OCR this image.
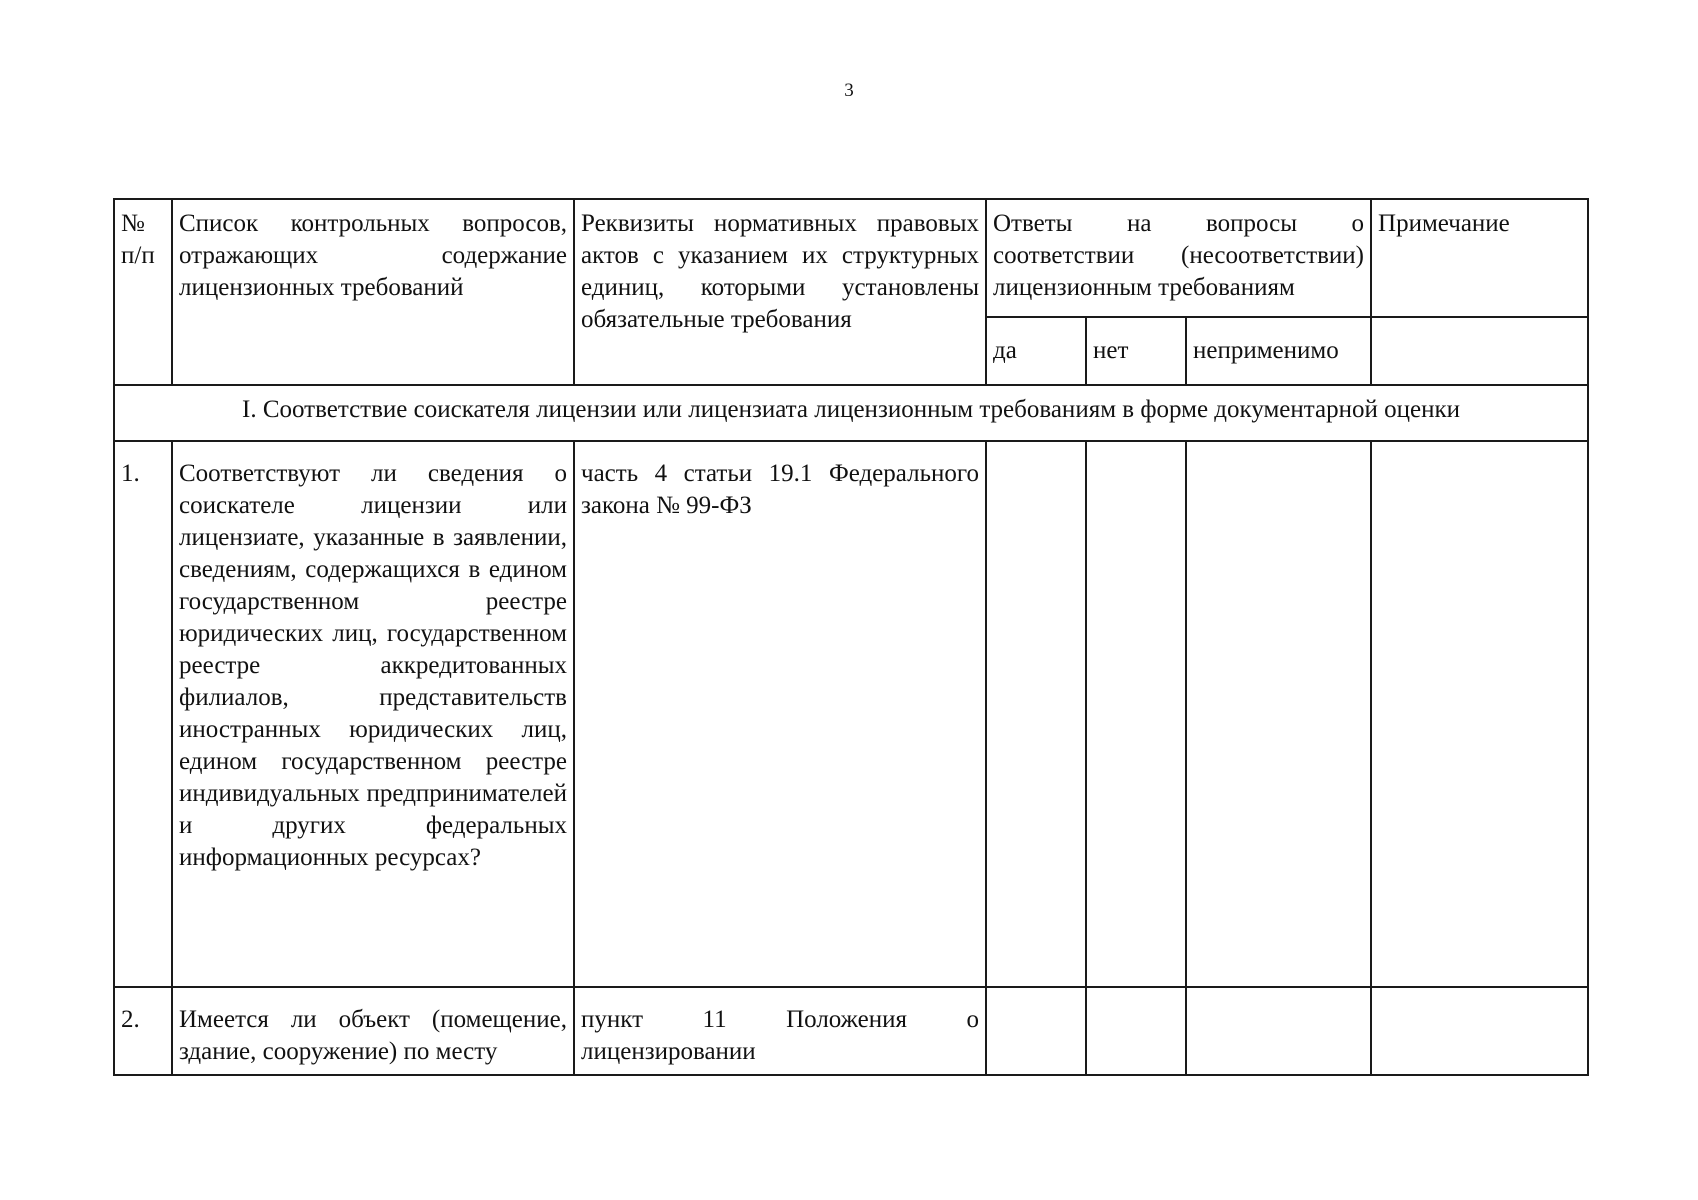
3
№ п/п	Список контрольных вопросов, отражающих содержание лицензионных требований	Реквизиты нормативных правовых актов с указанием их структурных единиц, которыми установлены обязательные требования	Ответы на вопросы о соответствии (несоответствии) лицензионным требованиям			Примечание
			да	нет	неприменимо	
I. Соответствие соискателя лицензии или лицензиата лицензионным требованиям в форме документарной оценки						
1.	Соответствуют ли сведения о соискателе лицензии или лицензиате, указанные в заявлении, сведениям, содержащихся в едином государственном реестре юридических лиц, государственном реестре аккредитованных филиалов, представительств иностранных юридических лиц, едином государственном реестре индивидуальных предпринимателей и других федеральных информационных ресурсах?	часть 4 статьи 19.1 Федерального закона № 99-ФЗ				
2.	Имеется ли объект (помещение, здание, сооружение) по месту	пункт 11 Положения о лицензировании				
